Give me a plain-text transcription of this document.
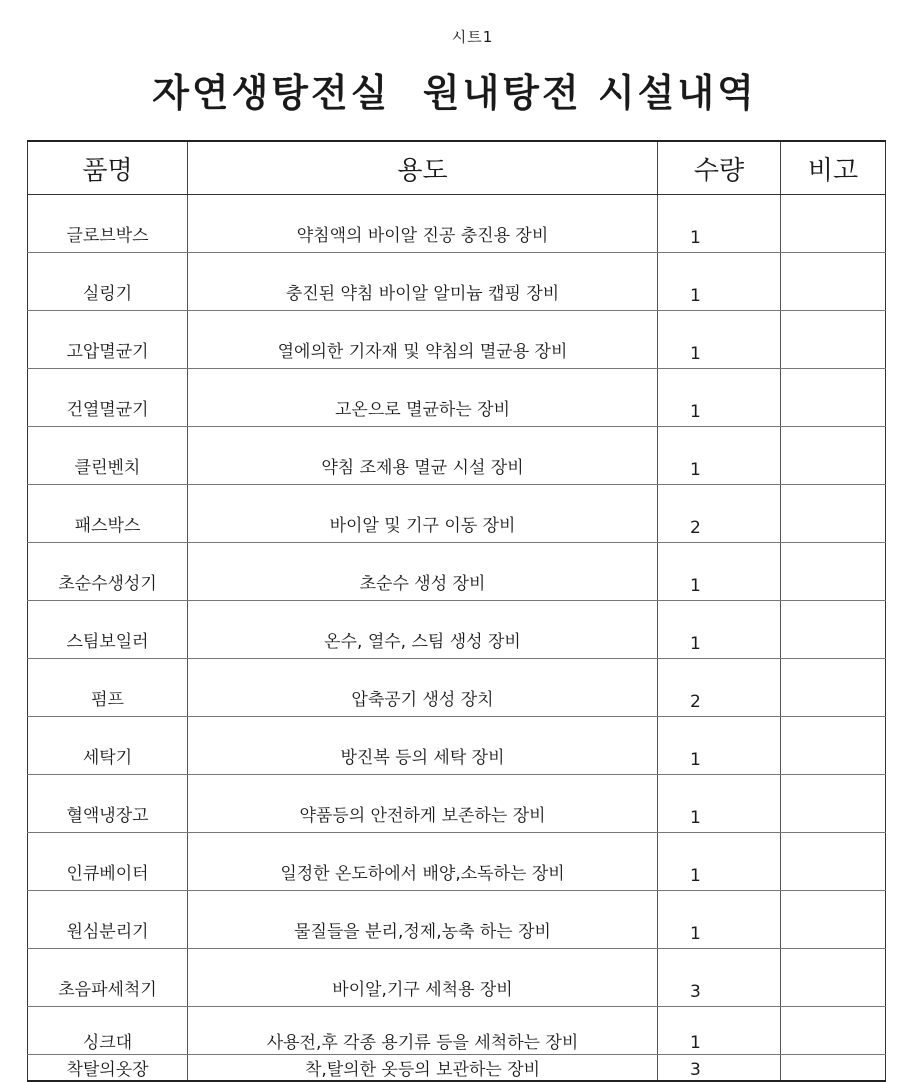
시트1
자연생탕전실  원내탕전 시설내역
품명	용도	수량	비고
글로브박스	약침액의 바이알 진공 충진용 장비	1	
실링기	충진된 약침 바이알 알미늄 캡핑 장비	1	
고압멸균기	열에의한 기자재 및 약침의 멸균용 장비	1	
건열멸균기	고온으로 멸균하는 장비	1	
클린벤치	약침 조제용 멸균 시설 장비	1	
패스박스	바이알 및 기구 이동 장비	2	
초순수생성기	초순수 생성 장비	1	
스팀보일러	온수, 열수, 스팀 생성 장비	1	
펌프	압축공기 생성 장치	2	
세탁기	방진복 등의 세탁 장비	1	
혈액냉장고	약품등의 안전하게 보존하는 장비	1	
인큐베이터	일정한 온도하에서 배양,소독하는 장비	1	
원심분리기	물질들을 분리,정제,농축 하는 장비	1	
초음파세척기	바이알,기구 세척용 장비	3	
싱크대	사용전,후 각종 용기류 등을 세척하는 장비	1	
착탈의옷장	착,탈의한 옷등의 보관하는 장비	3	
